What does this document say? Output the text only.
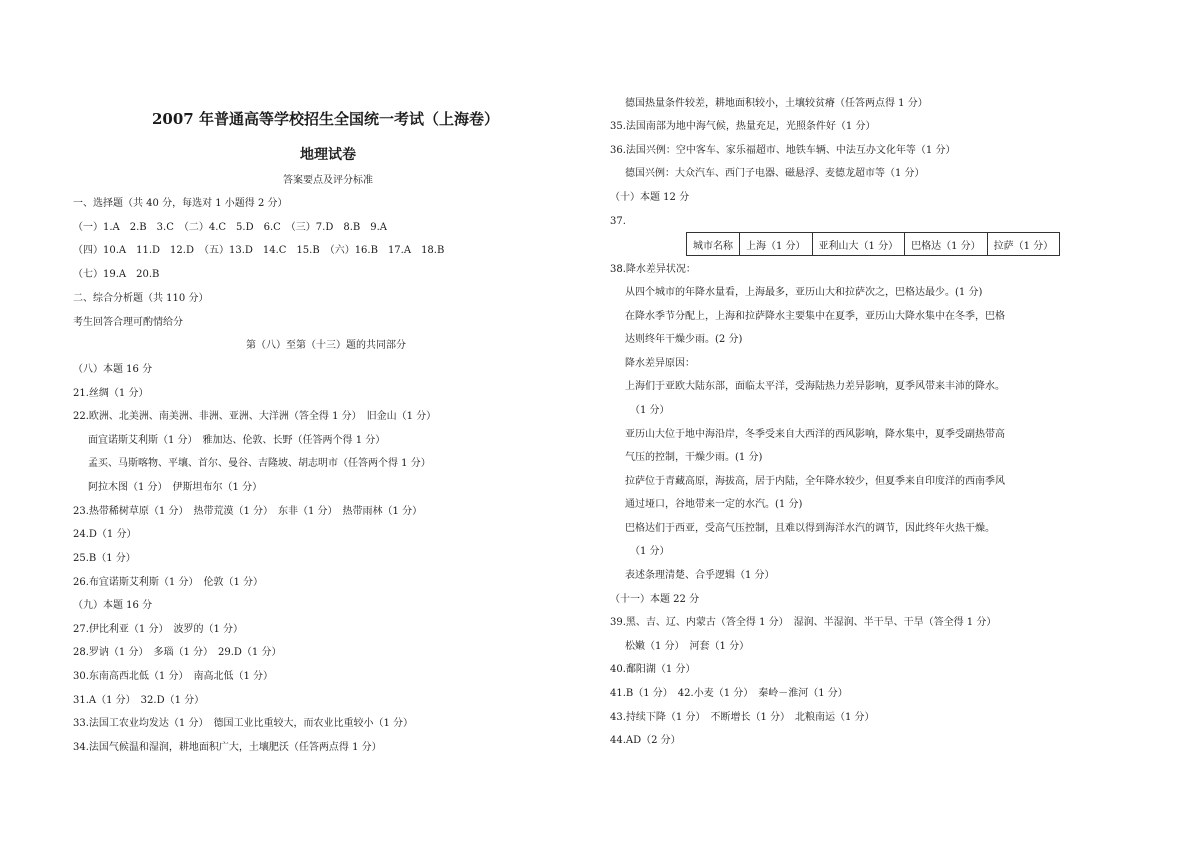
2007 年普通高等学校招生全国统一考试（上海卷）
地理试卷
答案要点及评分标准
一、选择题（共 40 分，每选对 1 小题得 2 分）
（一）1.A　2.B　3.C　（二）4.C　5.D　6.C　（三）7.D　8.B　9.A
（四）10.A　11.D　12.D　（五）13.D　14.C　15.B　（六）16.B　17.A　18.B
（七）19.A　20.B
二、综合分析题（共 110 分）
考生回答合理可酌情给分
第（八）至第（十三）题的共同部分
（八）本题 16 分
21.丝绸（1 分）
22.欧洲、北美洲、南美洲、非洲、亚洲、大洋洲（答全得 1 分）　旧金山（1 分）
面宜诺斯艾利斯（1 分）　雅加达、伦敦、长野（任答两个得 1 分）
孟买、马斯喀物、平壤、首尔、曼谷、吉隆坡、胡志明市（任答两个得 1 分）
阿拉木图（1 分）　伊斯坦布尔（1 分）
23.热带稀树草原（1 分）　热带荒漠（1 分）　东非（1 分）　热带雨林（1 分）
24.D（1 分）
25.B（1 分）
26.布宜诺斯艾利斯（1 分）　伦敦（1 分）
（九）本题 16 分
27.伊比利亚（1 分）　波罗的（1 分）
28.罗讷（1 分）　多瑙（1 分）　29.D（1 分）
30.东南高西北低（1 分）　南高北低（1 分）
31.A（1 分）　32.D（1 分）
33.法国工农业均发达（1 分）　德国工业比重较大，而农业比重较小（1 分）
34.法国气候温和湿润，耕地面积广大，土壤肥沃（任答两点得 1 分）
德国热量条件较差，耕地面积较小，土壤较贫瘠（任答两点得 1 分）
35.法国南部为地中海气候，热量充足，光照条件好（1 分）
36.法国兴例：空中客车、家乐福超市、地铁车辆、中法互办文化年等（1 分）
德国兴例：大众汽车、西门子电器、磁悬浮、麦德龙超市等（1 分）
（十）本题 12 分
37.
城市名称	上海（1 分）	亚利山大（1 分）	巴格达（1 分）	拉萨（1 分）
38.降水差异状况：
从四个城市的年降水量看，上海最多，亚历山大和拉萨次之，巴格达最少。(1 分)
在降水季节分配上，上海和拉萨降水主要集中在夏季，亚历山大降水集中在冬季，巴格
达则终年干燥少雨。(2 分)
降水差异原因：
上海们于亚欧大陆东部，面临太平洋，受海陆热力差异影响，夏季风带来丰沛的降水。
（1 分）
亚历山大位于地中海沿岸，冬季受来自大西洋的西风影响，降水集中，夏季受副热带高
气压的控制，干燥少雨。(1 分)
拉萨位于青藏高原，海拔高，居于内陆，全年降水较少，但夏季来自印度洋的西南季风
通过垭口，谷地带来一定的水汽。(1 分)
巴格达们于西亚，受高气压控制，且难以得到海洋水汽的调节，因此终年火热干燥。
（1 分）
表述条理清楚、合乎逻辑（1 分）
（十一）本题 22 分
39.黑、吉、辽、内蒙古（答全得 1 分）　湿润、半湿润、半干旱、干旱（答全得 1 分）
松嫩（1 分）　河套（1 分）
40.鄱阳湖（1 分）
41.B（1 分）　42.小麦（1 分）　秦岭－淮河（1 分）
43.持续下降（1 分）　不断增长（1 分）　北粮南运（1 分）
44.AD（2 分）
